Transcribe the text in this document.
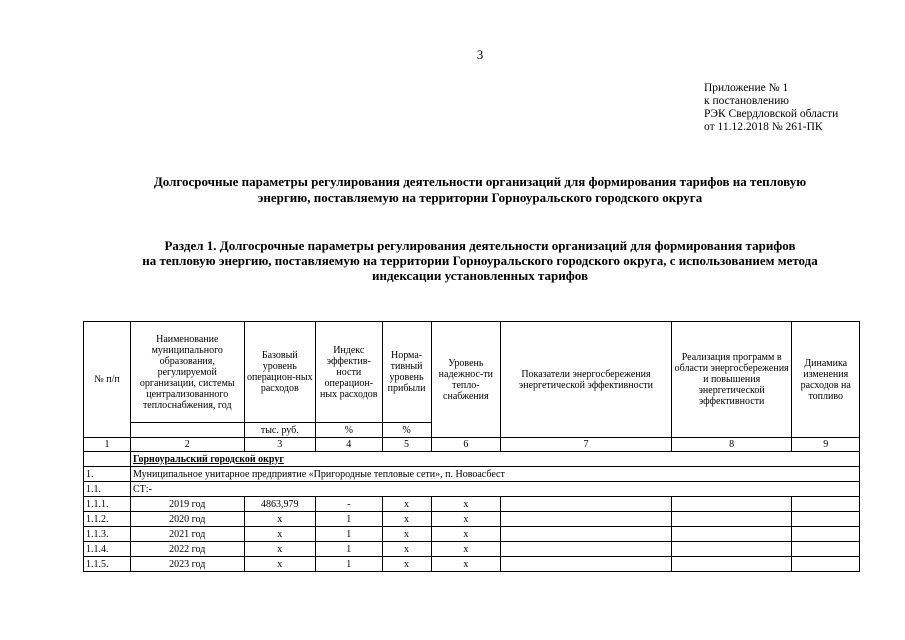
3
Приложение № 1
к постановлению
РЭК Свердловской области
от 11.12.2018 № 261-ПК
Долгосрочные параметры регулирования деятельности организаций для формирования тарифов на тепловую
энергию, поставляемую на территории Горноуральского городского округа
Раздел 1. Долгосрочные параметры регулирования деятельности организаций для формирования тарифов
на тепловую энергию, поставляемую на территории Горноуральского городского округа, с использованием метода
индексации установленных тарифов
№ п/п	Наименование муниципального образования, регулируемой организации, системы централизованного теплоснабжения, год	Базовый уровень операцион-ных расходов	Индекс эффектив-ности операцион-ных расходов	Норма-тивный уровень прибыли	Уровень надежнос-ти тепло-снабжения	Показатели энергосбережения энергетической эффективности	Реализация программ в области энергосбережения и повышения энергетической эффективности	Динамика изменения расходов на топливо
		тыс. руб.	%	%				
1	2	3	4	5	6	7	8	9
	Горноуральский городской округ							
1.	Муниципальное унитарное предприятие «Пригородные тепловые сети», п. Новоасбест							
1.1.	СТ:-							
1.1.1.	2019 год	4863,979	-	х	х			
1.1.2.	2020 год	х	1	х	х			
1.1.3.	2021 год	х	1	х	х			
1.1.4.	2022 год	х	1	х	х			
1.1.5.	2023 год	х	1	х	х			
